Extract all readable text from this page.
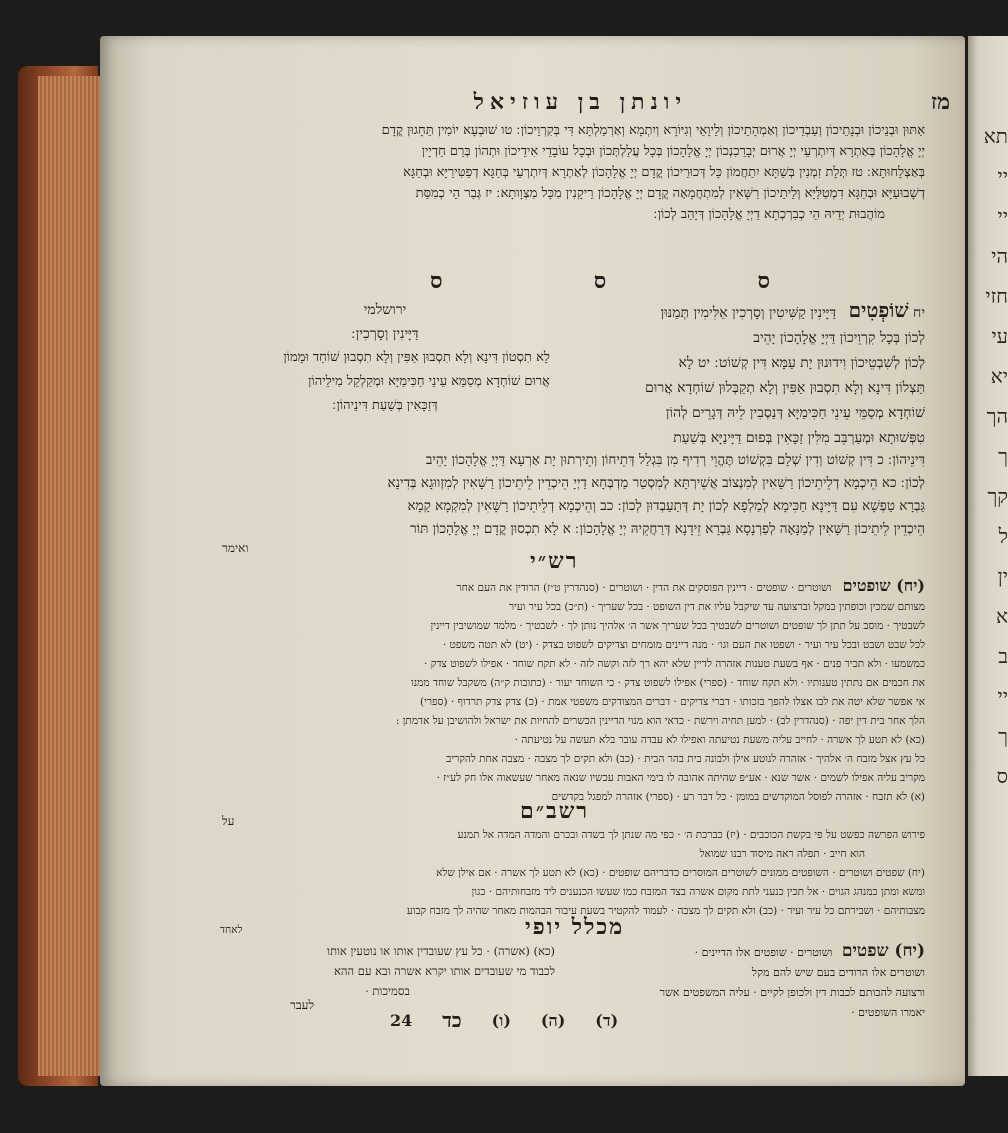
מז
יונתן בן עוזיאל
אַתּוּן וּבְנֵיכוֹן וּבְנָתֵיכוֹן וְעַבְדֵיכוֹן וְאַמְהָתֵיכוֹן וְלֵיוָאֵי וְגִיּוֹרָא וְיִתְמָא וְאַרְמַלְתָּא דִּי בְּקִרְוֵיכוֹן ׃ טו שׁוּבְעָא יוֹמִין תֵּחָגוּן קֳדָם
יְיָ אֱלָהָכוֹן בְּאַתְרָא דְּיִתְרְעֵי יְיָ אֲרוּם יְבָרֵכִנְכוֹן יְיָ אֱלָהָכוֹן בְּכָל עֲלַלְתְּכוֹן וּבְכָל עוֹבָדֵי אִידֵיכוֹן וּתְהוֹן בְּרַם חַדְיָין
בְּאַצְלָחוּתָא ׃ טז תְּלָת זִמְנִין בְּשַׁתָּא יִתַחֲמוֹן כָּל דְּכוּרֵיכוֹן קֳדָם יְיָ אֱלָהָכוֹן לְאַתְרָא דְּיִתְרְעֵי בְּחַגָּא דְפַטִּירַיָּא וּבְחַגָּא
דְשָׁבוּעַיָּא וּבְחַגָּא דִמְטַלַּיָּא וְלֵיתֵיכוֹן רַשָּׁאִין לְמִתְחֲמָאָה קֳדָם יְיָ אֱלָהָכוֹן רֵיקָנִין מִכָּל מִצְוָותָא ׃ יז גְּבַר הֵי כְמִסַּת
מוֹהֲבוּת יְדֵיהּ הֵי כְבִרְכְתָא דַיְיָ אֱלָהָכוֹן דְּיָהַב לְכוֹן ׃
ס
ס
ס
יח שׁוֹפְטִים דַּיָּינִין קַשִּׁיטִין וְסָרְכִין אַלִּימִין תְּמַנּוּן
לְכוֹן בְּכָל קִרְוֵיכוֹן דַּיְיָ אֱלָהָכוֹן יָהֵיב
לְכוֹן לְשִׁבְטֵיכוֹן וִידוּנוּן יָת עַמָּא דִּין קְשׁוֹט ׃ יט לָא
תַּצְלוֹן דִּינָא וְלָא תִסְבוּן אַפִּין וְלָא תְקַבְּלוּן שׁוֹחְדָא אֲרוּם
שׁוֹחְדָא מְסַמֵּי עֵינֵי חַכִּימַיָּא דְּנַסְבִין לֵיהּ דְּגָרֵים לְהוֹן
טִפְּשׁוּתָא וּמְעַרְבֵּב מִלִּין זַכָּאִין בְּפוּם דַּיָּינַיָּא בְּשַׁעַת
ירושלמי
דַּיָּינִין וְסָרְכִין ׃
לָא תִסְטוֹן דִּינָא וְלָא תִסְבוּן אַפִּין וְלָא תִסְבוּן שׁוֹחַד וּמָמוֹן
אֲרוּם שׁוֹחְדָא מְסַמֵּא עֵינֵי חַכִּימַיָּא וּמְקַלְקֵל מִילֵיהוֹן
דְּזַכָּאִין בְּשַׁעַת דִּינֵיהוֹן ׃
דִּינֵיהוֹן ׃ כ דִּין קְשׁוֹט וְדִין שְׁלָם בִּקְשׁוֹט תֶּהֱוֵי רְדִיף מִן בִּגְלַל דְּתֵיחוֹן וְתֵירְתוּן יָת אַרְעָא דַּיְיָ אֱלָהָכוֹן יָהֵיב
לְכוֹן ׃ כא הֵיכְמָא דְלֵיתֵיכוֹן רַשָּׁאִין לְמִנְצוֹב אֲשֵׁירְתָּא לְמִסְטַר מַדְבְּחָא דַיְיָ הֵיכְדֵין לֵיתֵיכוֹן רַשָּׁאִין לְמִזְווּגָא בְּדִינָא
גַּבְרָא טַפְשָׁא עִם דַּיָּינָא חַכִּימָא לְמַלְפָא לְכוֹן יָת דְּתַעַבְדוּן לְכוֹן ׃ כב וְהֵיכְמָא דְלֵיתֵיכוֹן רַשָּׁאִין לְמִקְמָא קָמָא
הֵיכְדֵין לֵיתֵיכוֹן רַשָּׁאִין לְמַנָּאָה לְפַרְנָסָא גַּבְרָא זֵידָנָא דְּרַחֲקֵיהּ יְיָ אֱלָהָכוֹן ׃ א לָא תִכְסוּן קֳדָם יְיָ אֱלָהָכוֹן תּוֹר
ואימר	רש״י
(יח) שופטים ושוטרים · שופטים · דיינין הפוסקים את הדין · ושוטרים · (סנהדרין ט״ז) הרודין את העם אחר
מצותם שמכין וכופתין במקל וברצועה עד שיקבל עליו את דין השופט · בכל שעריך · (ת״כ) בכל עיר ועיר
לשבטיך · מוסב על תתן לך שופטים ושוטרים לשבטיך בכל שעריך אשר ה׳ אלהיך נותן לך · לשבטיך · מלמד שמושיבין דיינין
לכל שבט ושבט ובכל עיר ועיר · ושפטו את העם וגו׳ · מנה דיינים מומחים וצדיקים לשפוט בצדק · (יט) לא תטה משפט ·
כמשמעו · ולא תכיר פנים · אף בשעת טענות אזהרה לדיין שלא יהא רך לזה וקשה לזה · לא תקח שוחד · אפילו לשפוט צדק ·
את חכמים אם נתתין טענותיו · ולא תקח שוחד · (ספרי) אפילו לשפוט צדק · כי השוחד יעור · (כתובות ק״ה) משקבל שוחד ממנו
אי אפשר שלא יטה את לבו אצלו להפך בזכותו · דברי צדיקים · דברים המצודקים משפטי אמת · (כ) צדק צדק תרדוף · (ספרי)
הלך אחר בית דין יפה · (סנהדרין לב) · למען תחיה וירשת · כדאי הוא מנוי הדיינין הכשרים להחיות את ישראל ולהושיבן על אדמתן :
(כא) לא תטע לך אשרה · לחייב עליה משעת נטיעתה ואפילו לא עבדה עובר בלא תעשה על נטיעתה ·
כל עץ אצל מזבח ה׳ אלהיך · אזהרה לנוטע אילן ולבונה בית בהר הבית · (כב) ולא תקים לך מצבה · מצבה אחת להקריב
מקריב עליה אפילו לשמים · אשר שנא · אע״פ שהיתה אהובה לו בימי האבות עכשיו שנאה מאחר שעשאוה אלו חק לע״ז ·
(א) לא תזבח · אזהרה לפוסל המוקדשים במומן · כל דבר רע · (ספרי) אזהרה למפגל בקדשים
על	רשב״ם
פירוש הפרשה כפשט על פי בקשת הכוכבים · (יז) כברכת ה׳ · כפי מה שנתן לך בשדה ובכרם והמדה המדה אל תמנע
הוא חייב · תפלה ראה מיסוד רבנו שמואל
(יח) שפטים ושוטרים · השופטים ממונים לשוטרים המוסרים כדבריהם שופטים · (כא) לא תטע לך אשרה · אם אילן שלא
ומשא ומתן כמנהג הגוים · אל תכין כנעני לתת מקום אשרה בצד המזבח כמו שעשו הכנענים ליד מזבחותיהם · כגון
מצבותיהם · ושבירתם כל עיר ועיר · (כב) ולא תקים לך מצבה · לעמוד להקטיר בשעת עיבור הבהמות מאחר שהיה לך מזבח קבוע
לאחד	מכלל יופי
(יח) שפטים ושוטרים · שופטים אלו הדיינים ·
ושוטרים אלו הרודים בעם שיש להם מקל
ורצועה להכותם לכבות דין ולכופן לקיים · עליה המשפטים אשר
יאמרו השופטים ·
(כא) (אשרה) · כל עץ שעובדין אותו או נוטעין אותו
לכבוד מי שעובדים אותו יקרא אשרה ובא עם ההא
בסמיכות ·
לעבר
24 כד (ו) (ה) (ד)
תא
יי
יי
הי
חזי
עי
יא
הך
ך
קך
ל
ין
א
ב
יי
ך
ס
